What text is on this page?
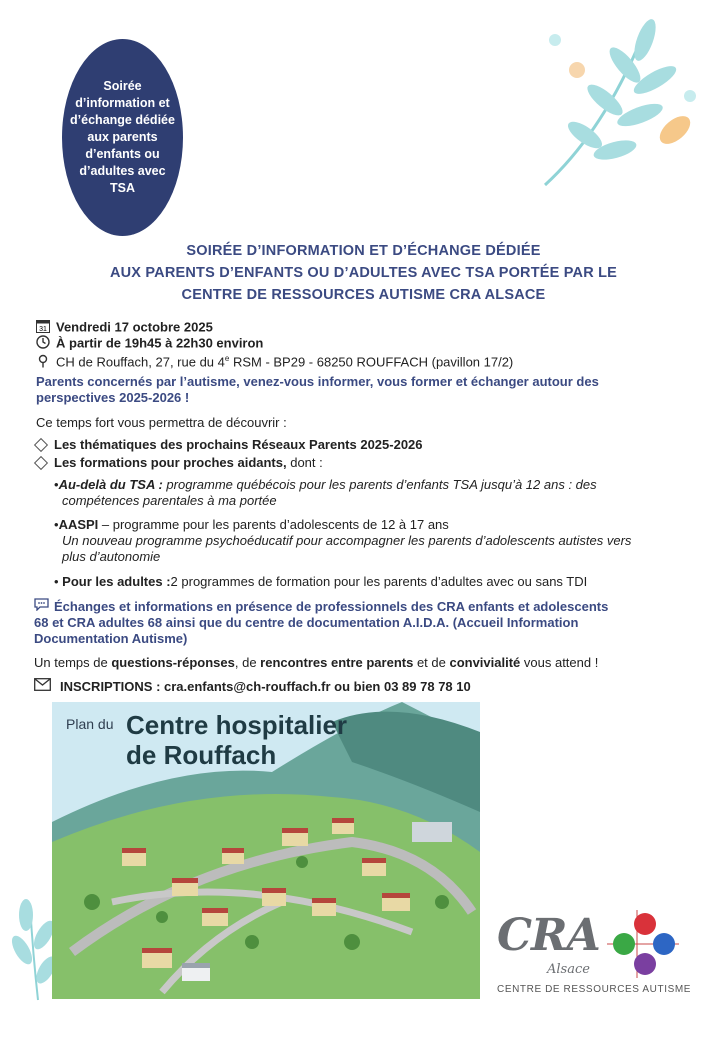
Soirée d’information et d’échange dédiée aux parents d’enfants ou d’adultes avec TSA
SOIRÉE D’INFORMATION ET D’ÉCHANGE DÉDIÉE
AUX PARENTS D’ENFANTS OU D’ADULTES AVEC TSA PORTÉE PAR LE
CENTRE DE RESSOURCES AUTISME CRA ALSACE
31 Vendredi 17 octobre 2025
À partir de 19h45 à 22h30 environ
CH de Rouffach, 27, rue du 4e RSM - BP29 - 68250 ROUFFACH (pavillon 17/2)
Parents concernés par l’autisme, venez-vous informer, vous former et échanger autour des
perspectives 2025-2026 !
Ce temps fort vous permettra de découvrir :
Les thématiques des prochains Réseaux Parents 2025-2026
Les formations pour proches aidants, dont :
•Au-delà du TSA : programme québécois pour les parents d’enfants TSA jusqu’à 12 ans : des
compétences parentales à ma portée
•AASPI – programme pour les parents d’adolescents de 12 à 17 ans
Un nouveau programme psychoéducatif pour accompagner les parents d’adolescents autistes vers
plus d’autonomie
• Pour les adultes :2 programmes de formation pour les parents d’adultes avec ou sans TDI
Échanges et informations en présence de professionnels des CRA enfants et adolescents
68 et CRA adultes 68 ainsi que du centre de documentation A.I.D.A. (Accueil Information
Documentation Autisme)
Un temps de questions-réponses, de rencontres entre parents et de convivialité vous attend !
INSCRIPTIONS : cra.enfants@ch-rouffach.fr ou bien 03 89 78 78 10
Plan du Centre hospitalier
de Rouffach
CRA
Alsace
CENTRE DE RESSOURCES AUTISME
